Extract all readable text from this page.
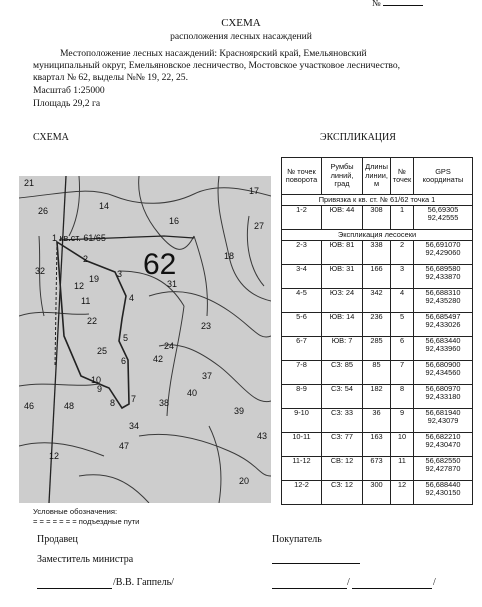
№
СХЕМА
расположения лесных насаждений
Местоположение лесных насаждений: Красноярский край, Емельяновский
муниципальный округ, Емельяновское лесничество, Мостовское участковое лесничество,
квартал № 62, выделы №№ 19, 22, 25.
Масштаб 1:25000
Площадь 29,2 га
СХЕМА	ЭКСПЛИКАЦИЯ
62
1 кв.ст. 61/65
21
26	14
16
18
17
27
32
31
19
22
25
23
24
42
37
40
38
39
43
34
46	48
47
12
20
2
3
4
5
6
7
8
9
10
11
12
№ точек поворота	Румбы линий, град	Длины линии, м	№ точек	GPS координаты
Привязка к кв. ст. № 61/62 точка 1				
1-2	ЮВ: 44	308	1	56,69305
92,42555

Экспликация лесосеки				
2-3	ЮВ: 81	338	2	56,691070
92,429060

3-4	ЮВ: 31	166	3	56,689580
92,433870

4-5	ЮЗ: 24	342	4	56,688310
92,435280

5-6	ЮВ: 14	236	5	56,685497
92,433026

6-7	ЮВ: 7	285	6	56,683440
92,433960

7-8	СЗ: 85	85	7	56,680900
92,434560

8-9	СЗ: 54	182	8	56,680970
92,433180

9-10	СЗ: 33	36	9	56,681940
92,43079

10-11	СЗ: 77	163	10	56,682210
92,430470

11-12	СВ: 12	673	11	56,682550
92,427870

12-2	СЗ: 12	300	12	56,688440
92,430150
Условные обозначения:
= = = = = = = подъездные пути
Продавец	Покупатель
Заместитель министра
/В.В. Гаппель/	/	/
